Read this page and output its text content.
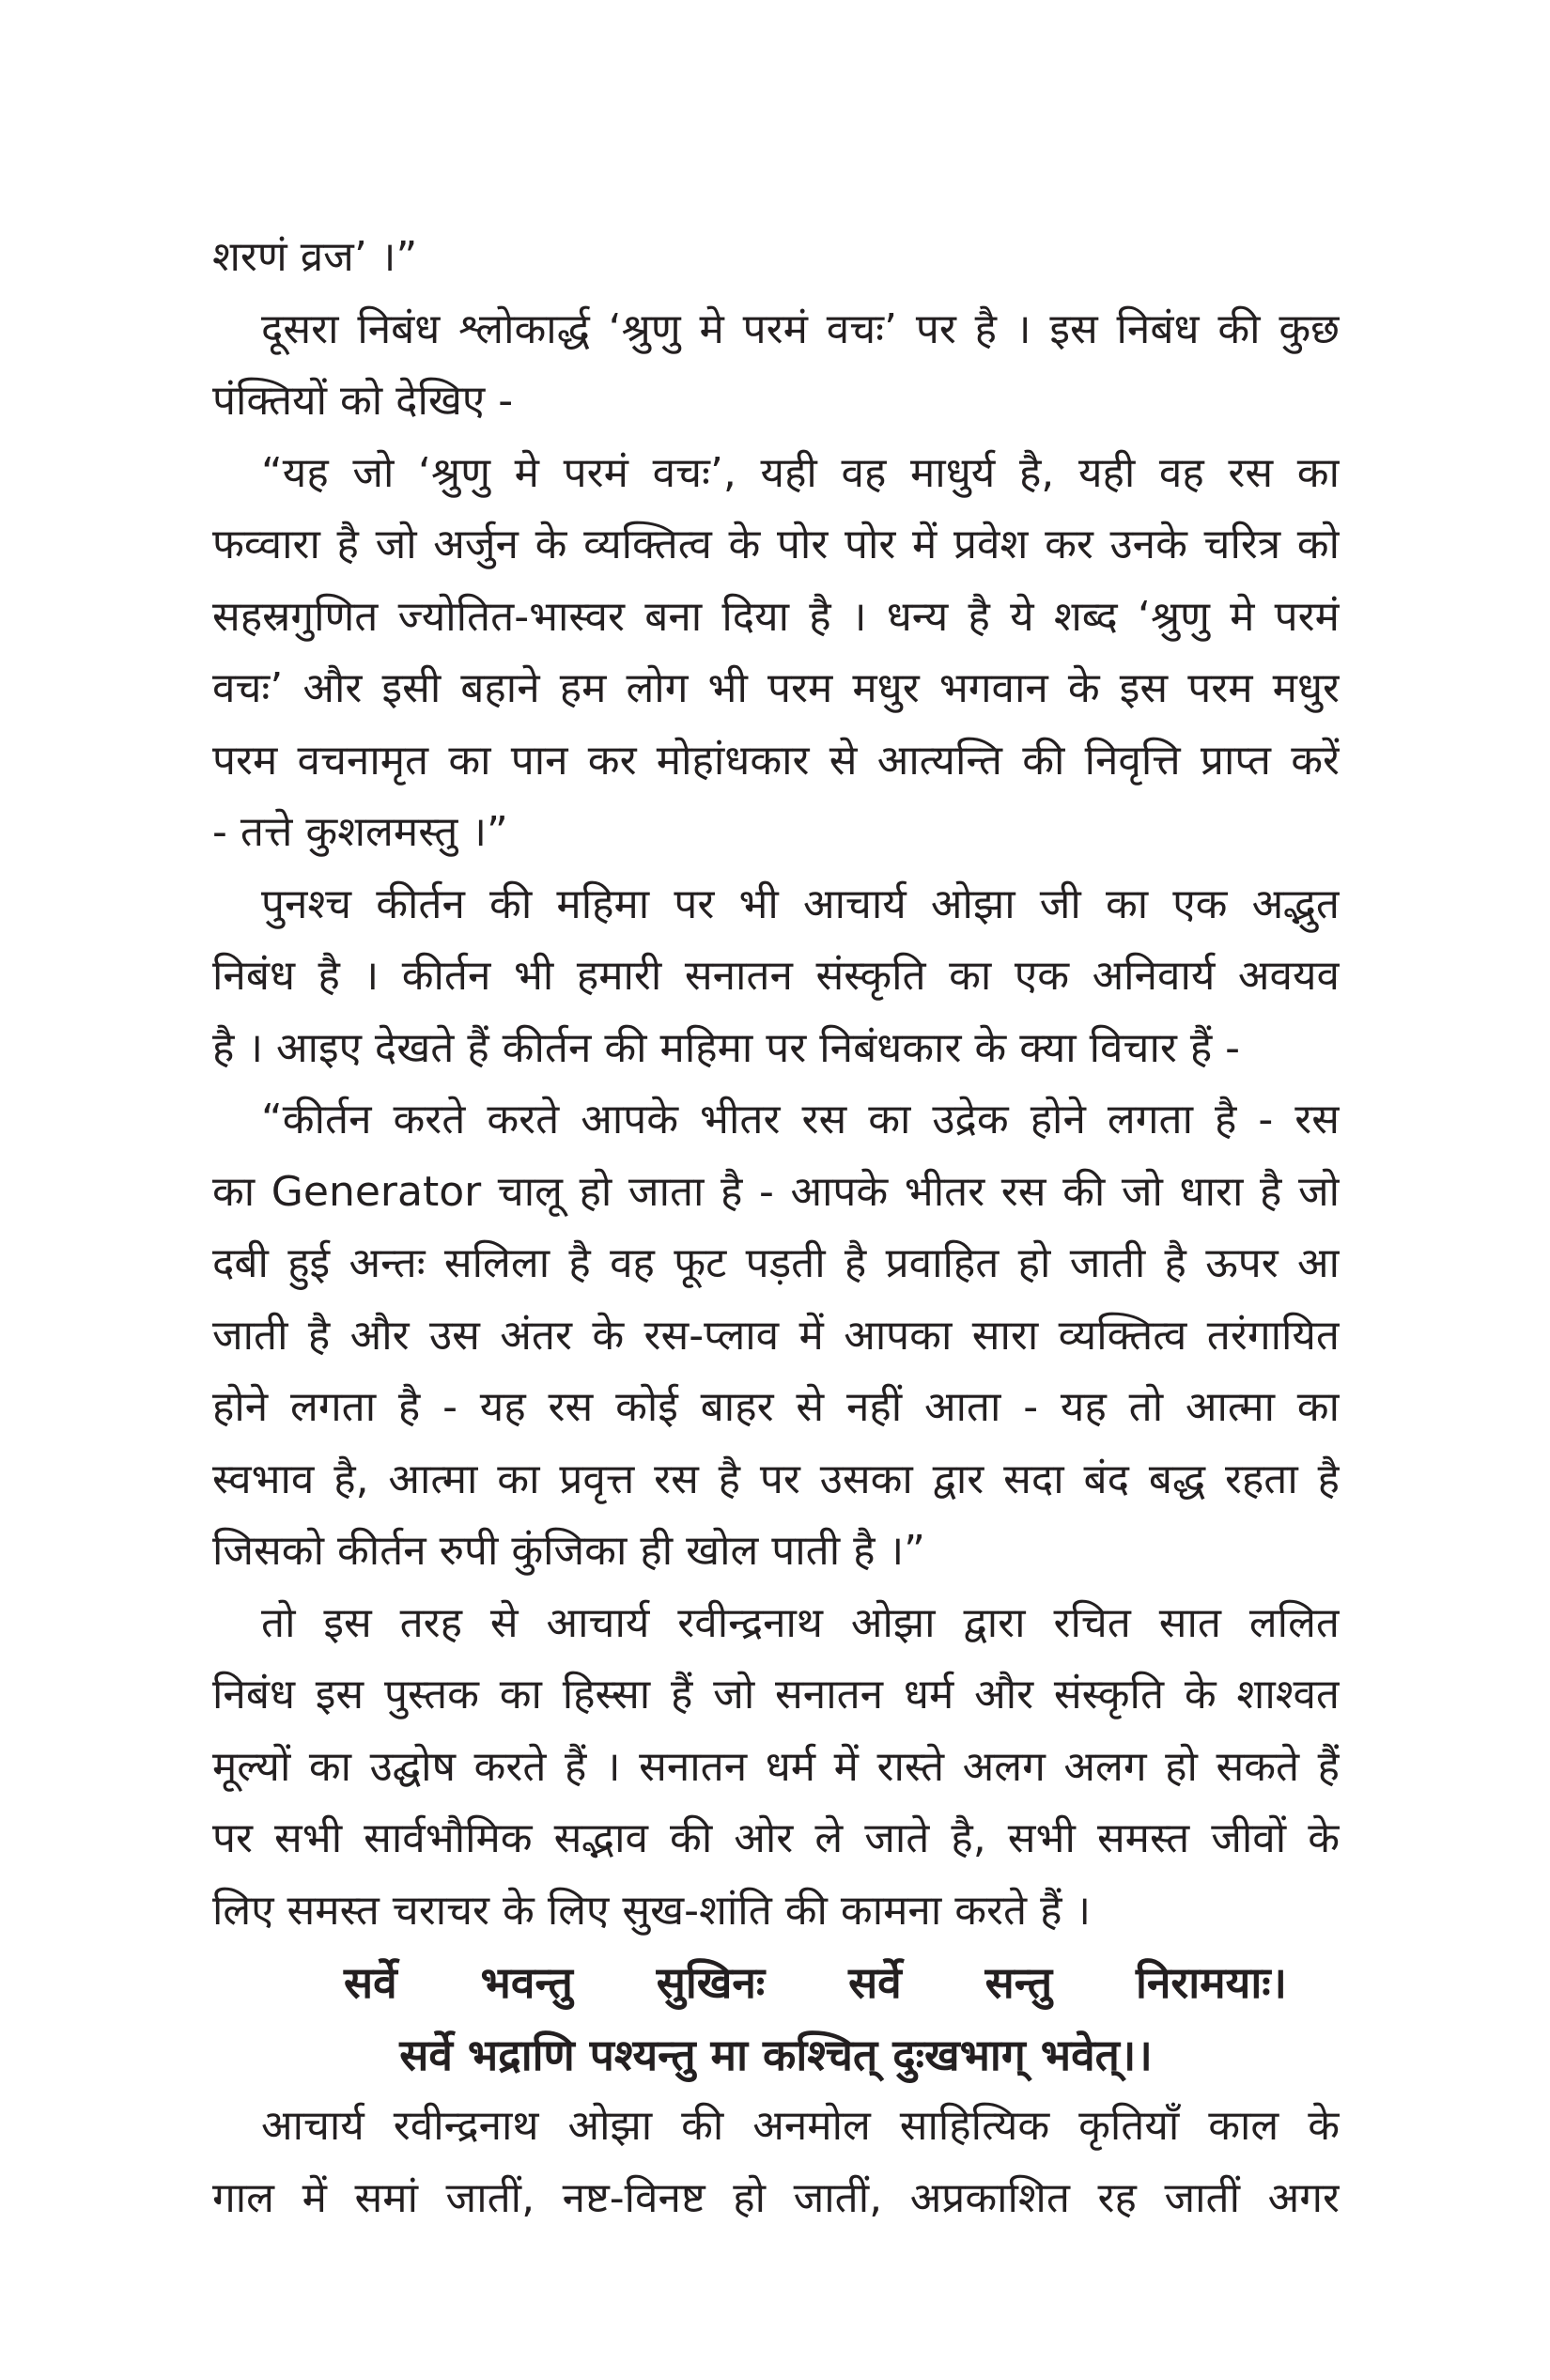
शरणं व्रज’ ।”
दूसरा निबंध श्लोकार्द्ध ‘श्रुणु मे परमं वचः’ पर है । इस निबंध की कुछ
पंक्तियों को देखिए -
“यह जो ‘श्रुणु मे परमं वचः’, यही वह माधुर्य है, यही वह रस का
फव्वारा है जो अर्जुन के व्यक्तित्व के पोर पोर में प्रवेश कर उनके चरित्र को
सहस्रगुणित ज्योतित-भास्वर बना दिया है । धन्य है ये शब्द ‘श्रुणु मे परमं
वचः’ और इसी बहाने हम लोग भी परम मधुर भगवान के इस परम मधुर
परम वचनामृत का पान कर मोहांधकार से आत्यन्ति की निवृत्ति प्राप्त करें
- तत्ते कुशलमस्तु ।”
पुनश्च कीर्तन की महिमा पर भी आचार्य ओझा जी का एक अद्भुत
निबंध है । कीर्तन भी हमारी सनातन संस्कृति का एक अनिवार्य अवयव
है । आइए देखते हैं कीर्तन की महिमा पर निबंधकार के क्या विचार हैं -
“कीर्तन करते करते आपके भीतर रस का उद्रेक होने लगता है - रस
का Generator चालू हो जाता है - आपके भीतर रस की जो धारा है जो
दबी हुई अन्तः सलिला है वह फूट पड़ती है प्रवाहित हो जाती है ऊपर आ
जाती है और उस अंतर के रस-प्लाव में आपका सारा व्यक्तित्व तरंगायित
होने लगता है - यह रस कोई बाहर से नहीं आता - यह तो आत्मा का
स्वभाव है, आत्मा का प्रवृत्त रस है पर उसका द्वार सदा बंद बद्ध रहता है
जिसको कीर्तन रुपी कुंजिका ही खोल पाती है ।”
तो इस तरह से आचार्य रवीन्द्रनाथ ओझा द्वारा रचित सात ललित
निबंध इस पुस्तक का हिस्सा हैं जो सनातन धर्म और संस्कृति के शाश्वत
मूल्यों का उद्घोष करते हैं । सनातन धर्म में रास्ते अलग अलग हो सकते हैं
पर सभी सार्वभौमिक सद्भाव की ओर ले जाते है, सभी समस्त जीवों के
लिए समस्त चराचर के लिए सुख-शांति की कामना करते हैं ।
सर्वे भवन्तु सुखिनः सर्वे सन्तु निरामयाः।
सर्वे भद्राणि पश्यन्तु मा कश्चित् दुःखभाग् भवेत्।।
आचार्य रवीन्द्रनाथ ओझा की अनमोल साहित्यिक कृतियाँ काल के
गाल में समां जातीं, नष्ट-विनष्ट हो जातीं, अप्रकाशित रह जातीं अगर
